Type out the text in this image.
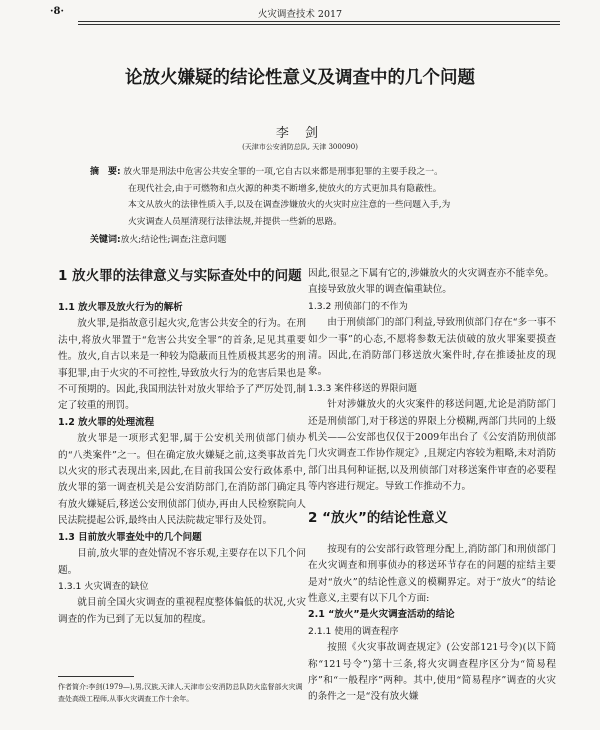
·8·	火灾调查技术 2017
论放火嫌疑的结论性意义及调查中的几个问题
李 剑
(天津市公安消防总队, 天津 300090)
摘　要: 放火罪是刑法中危害公共安全罪的一项,它自古以来都是刑事犯罪的主要手段之一。
在现代社会,由于可燃物和点火源的种类不断增多,使放火的方式更加具有隐蔽性。
本文从放火的法律性质入手,以及在调查涉嫌放火的火灾时应注意的一些问题入手,为
火灾调查人员厘清现行法律法规,并提供一些新的思路。
关键词:放火;结论性;调查;注意问题
1 放火罪的法律意义与实际查处中的问题
1.1 放火罪及放火行为的解析
放火罪,是指故意引起火灾,危害公共安全的行为。在刑法中,将放火罪置于“危害公共安全罪”的首条,足见其重要性。放火,自古以来是一种较为隐蔽而且性质极其恶劣的刑事犯罪,由于火灾的不可控性,导致放火行为的危害后果也是不可预期的。因此,我国刑法针对放火罪给予了严厉处罚,制定了较重的刑罚。
1.2 放火罪的处理流程
放火罪是一项形式犯罪,属于公安机关刑侦部门侦办的“八类案件”之一。但在确定放火嫌疑之前,这类事故首先以火灾的形式表现出来,因此,在目前我国公安行政体系中,放火罪的第一调查机关是公安消防部门,在消防部门确定具有放火嫌疑后,移送公安刑侦部门侦办,再由人民检察院向人民法院提起公诉,最终由人民法院裁定罪行及处罚。
1.3 目前放火罪查处中的几个问题
目前,放火罪的查处情况不容乐观,主要存在以下几个问题。
1.3.1 火灾调查的缺位
就目前全国火灾调查的重视程度整体偏低的状况,火灾调查的作为已到了无以复加的程度。
因此,很显之下属有它的,涉嫌放火的火灾调查亦不能幸免。直接导致放火罪的调查偏重缺位。
1.3.2 刑侦部门的不作为
由于刑侦部门的部门利益,导致刑侦部门存在“多一事不如少一事”的心态,不愿将参数无法侦破的放火罪案要摸查清。因此,在消防部门移送放火案件时,存在推诿扯皮的现象。
1.3.3 案件移送的界限问题
针对涉嫌放火的火灾案件的移送问题,尤论是消防部门还是刑侦部门,对于移送的界限上分模糊,两部门共同的上级机关——公安部也仅仅于2009年出台了《公安消防刑侦部门火灾调查工作协作规定》,且规定内容较为粗略,未对消防部门出具何种证据,以及刑侦部门对移送案件审查的必要程等内容进行规定。导致工作推动不力。
2 “放火”的结论性意义
按现有的公安部行政管理分配上,消防部门和刑侦部门在火灾调查和刑事侦办的移送环节存在的问题的症结主要是对“放火”的结论性意义的模糊界定。对于“放火”的结论性意义,主要有以下几个方面:
2.1 “放火”是火灾调查活动的结论
2.1.1 使用的调查程序
按照《火灾事故调查规定》(公安部121号令)(以下简称“121号令”)第十三条,将火灾调查程序区分为“简易程序”和“一般程序”两种。其中,使用“简易程序”调查的火灾的条件之一是“没有放火嫌
作者简介:李剑(1979—),男,汉族,天津人,天津市公安消防总队防火监督部火灾调查处高级工程师,从事火灾调查工作十余年。
